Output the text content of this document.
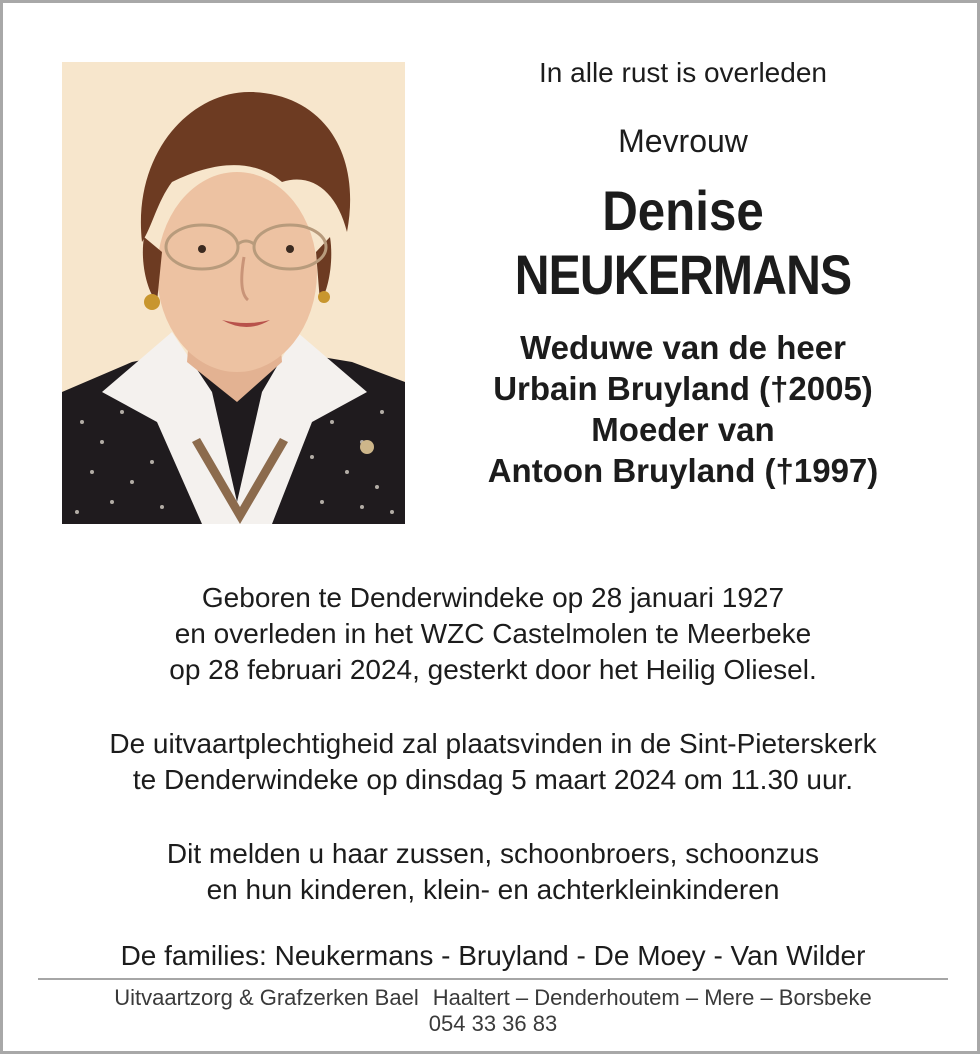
In alle rust is overleden

Mevrouw

Denise

NEUKERMANS

Weduwe van de heer

Urbain Bruyland (†2005)

Moeder van

Antoon Bruyland (†1997)

Geboren te Denderwindeke op 28 januari 1927

en overleden in het WZC Castelmolen te Meerbeke

op 28 februari 2024, gesterkt door het Heilig Oliesel.

De uitvaartplechtigheid zal plaatsvinden in de Sint-Pieterskerk

te Denderwindeke op dinsdag 5 maart 2024 om 11.30 uur.

Dit melden u haar zussen, schoonbroers, schoonzus

en hun kinderen, klein- en achterkleinkinderen

De families: Neukermans - Bruyland - De Moey - Van Wilder

Uitvaartzorg & Grafzerken Bael Haaltert – Denderhoutem – Mere – Borsbeke

054 33 36 83
